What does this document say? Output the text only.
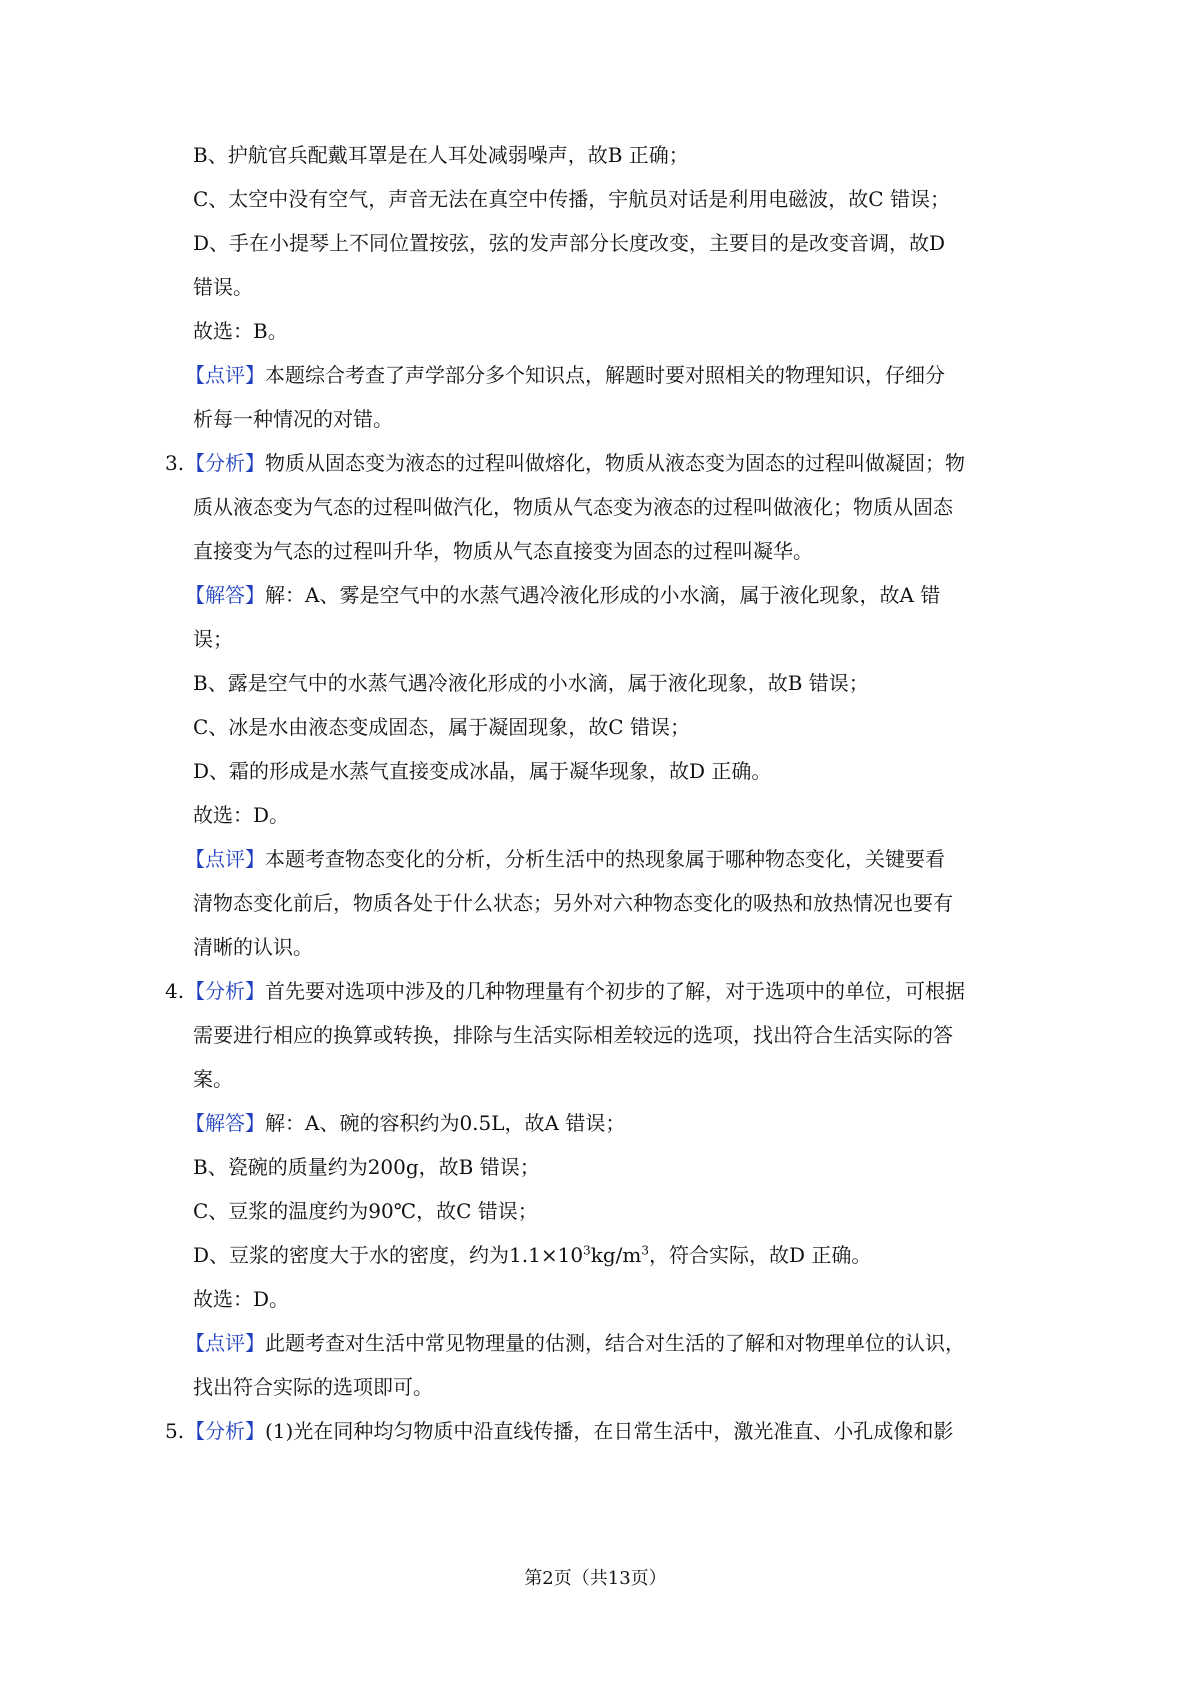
B、护航官兵配戴耳罩是在人耳处减弱噪声，故B 正确；
C、太空中没有空气，声音无法在真空中传播，宇航员对话是利用电磁波，故C 错误；
D、手在小提琴上不同位置按弦，弦的发声部分长度改变，主要目的是改变音调，故D
错误。
故选：B。
【点评】本题综合考查了声学部分多个知识点，解题时要对照相关的物理知识，仔细分
析每一种情况的对错。
3. 【分析】物质从固态变为液态的过程叫做熔化，物质从液态变为固态的过程叫做凝固；物
质从液态变为气态的过程叫做汽化，物质从气态变为液态的过程叫做液化；物质从固态
直接变为气态的过程叫升华，物质从气态直接变为固态的过程叫凝华。
【解答】解：A、雾是空气中的水蒸气遇冷液化形成的小水滴，属于液化现象，故A 错
误；
B、露是空气中的水蒸气遇冷液化形成的小水滴，属于液化现象，故B 错误；
C、冰是水由液态变成固态，属于凝固现象，故C 错误；
D、霜的形成是水蒸气直接变成冰晶，属于凝华现象，故D 正确。
故选：D。
【点评】本题考查物态变化的分析，分析生活中的热现象属于哪种物态变化，关键要看
清物态变化前后，物质各处于什么状态；另外对六种物态变化的吸热和放热情况也要有
清晰的认识。
4. 【分析】首先要对选项中涉及的几种物理量有个初步的了解，对于选项中的单位，可根据
需要进行相应的换算或转换，排除与生活实际相差较远的选项，找出符合生活实际的答
案。
【解答】解：A、碗的容积约为0.5L，故A 错误；
B、瓷碗的质量约为200g，故B 错误；
C、豆浆的温度约为90℃，故C 错误；
D、豆浆的密度大于水的密度，约为$1.1\times 10^3kg/m^3$，符合实际，故D 正确。
故选：D。
【点评】此题考查对生活中常见物理量的估测，结合对生活的了解和对物理单位的认识，
找出符合实际的选项即可。
5. 【分析】(1)光在同种均匀物质中沿直线传播，在日常生活中，激光准直、小孔成像和影
第2页（共13页）
